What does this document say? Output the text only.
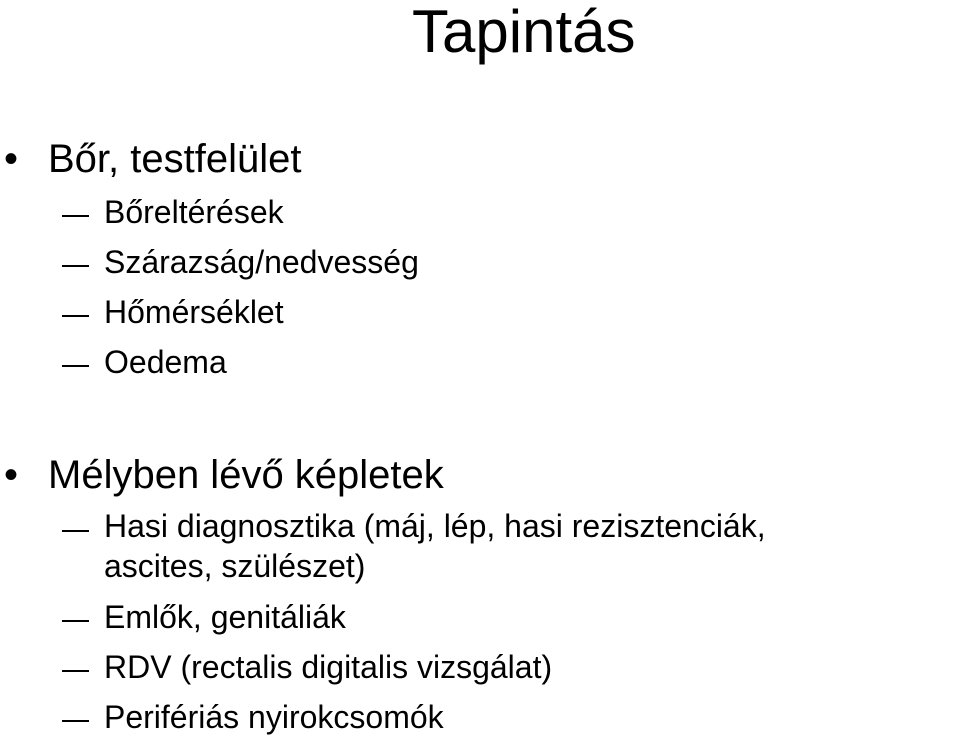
Tapintás
• Bőr, testfelület
Bőreltérések
Szárazság/nedvesség
Hőmérséklet
Oedema
• Mélyben lévő képletek
Hasi diagnosztika (máj, lép, hasi rezisztenciák,
ascites, szülészet)
Emlők, genitáliák
RDV (rectalis digitalis vizsgálat)
Perifériás nyirokcsomók
